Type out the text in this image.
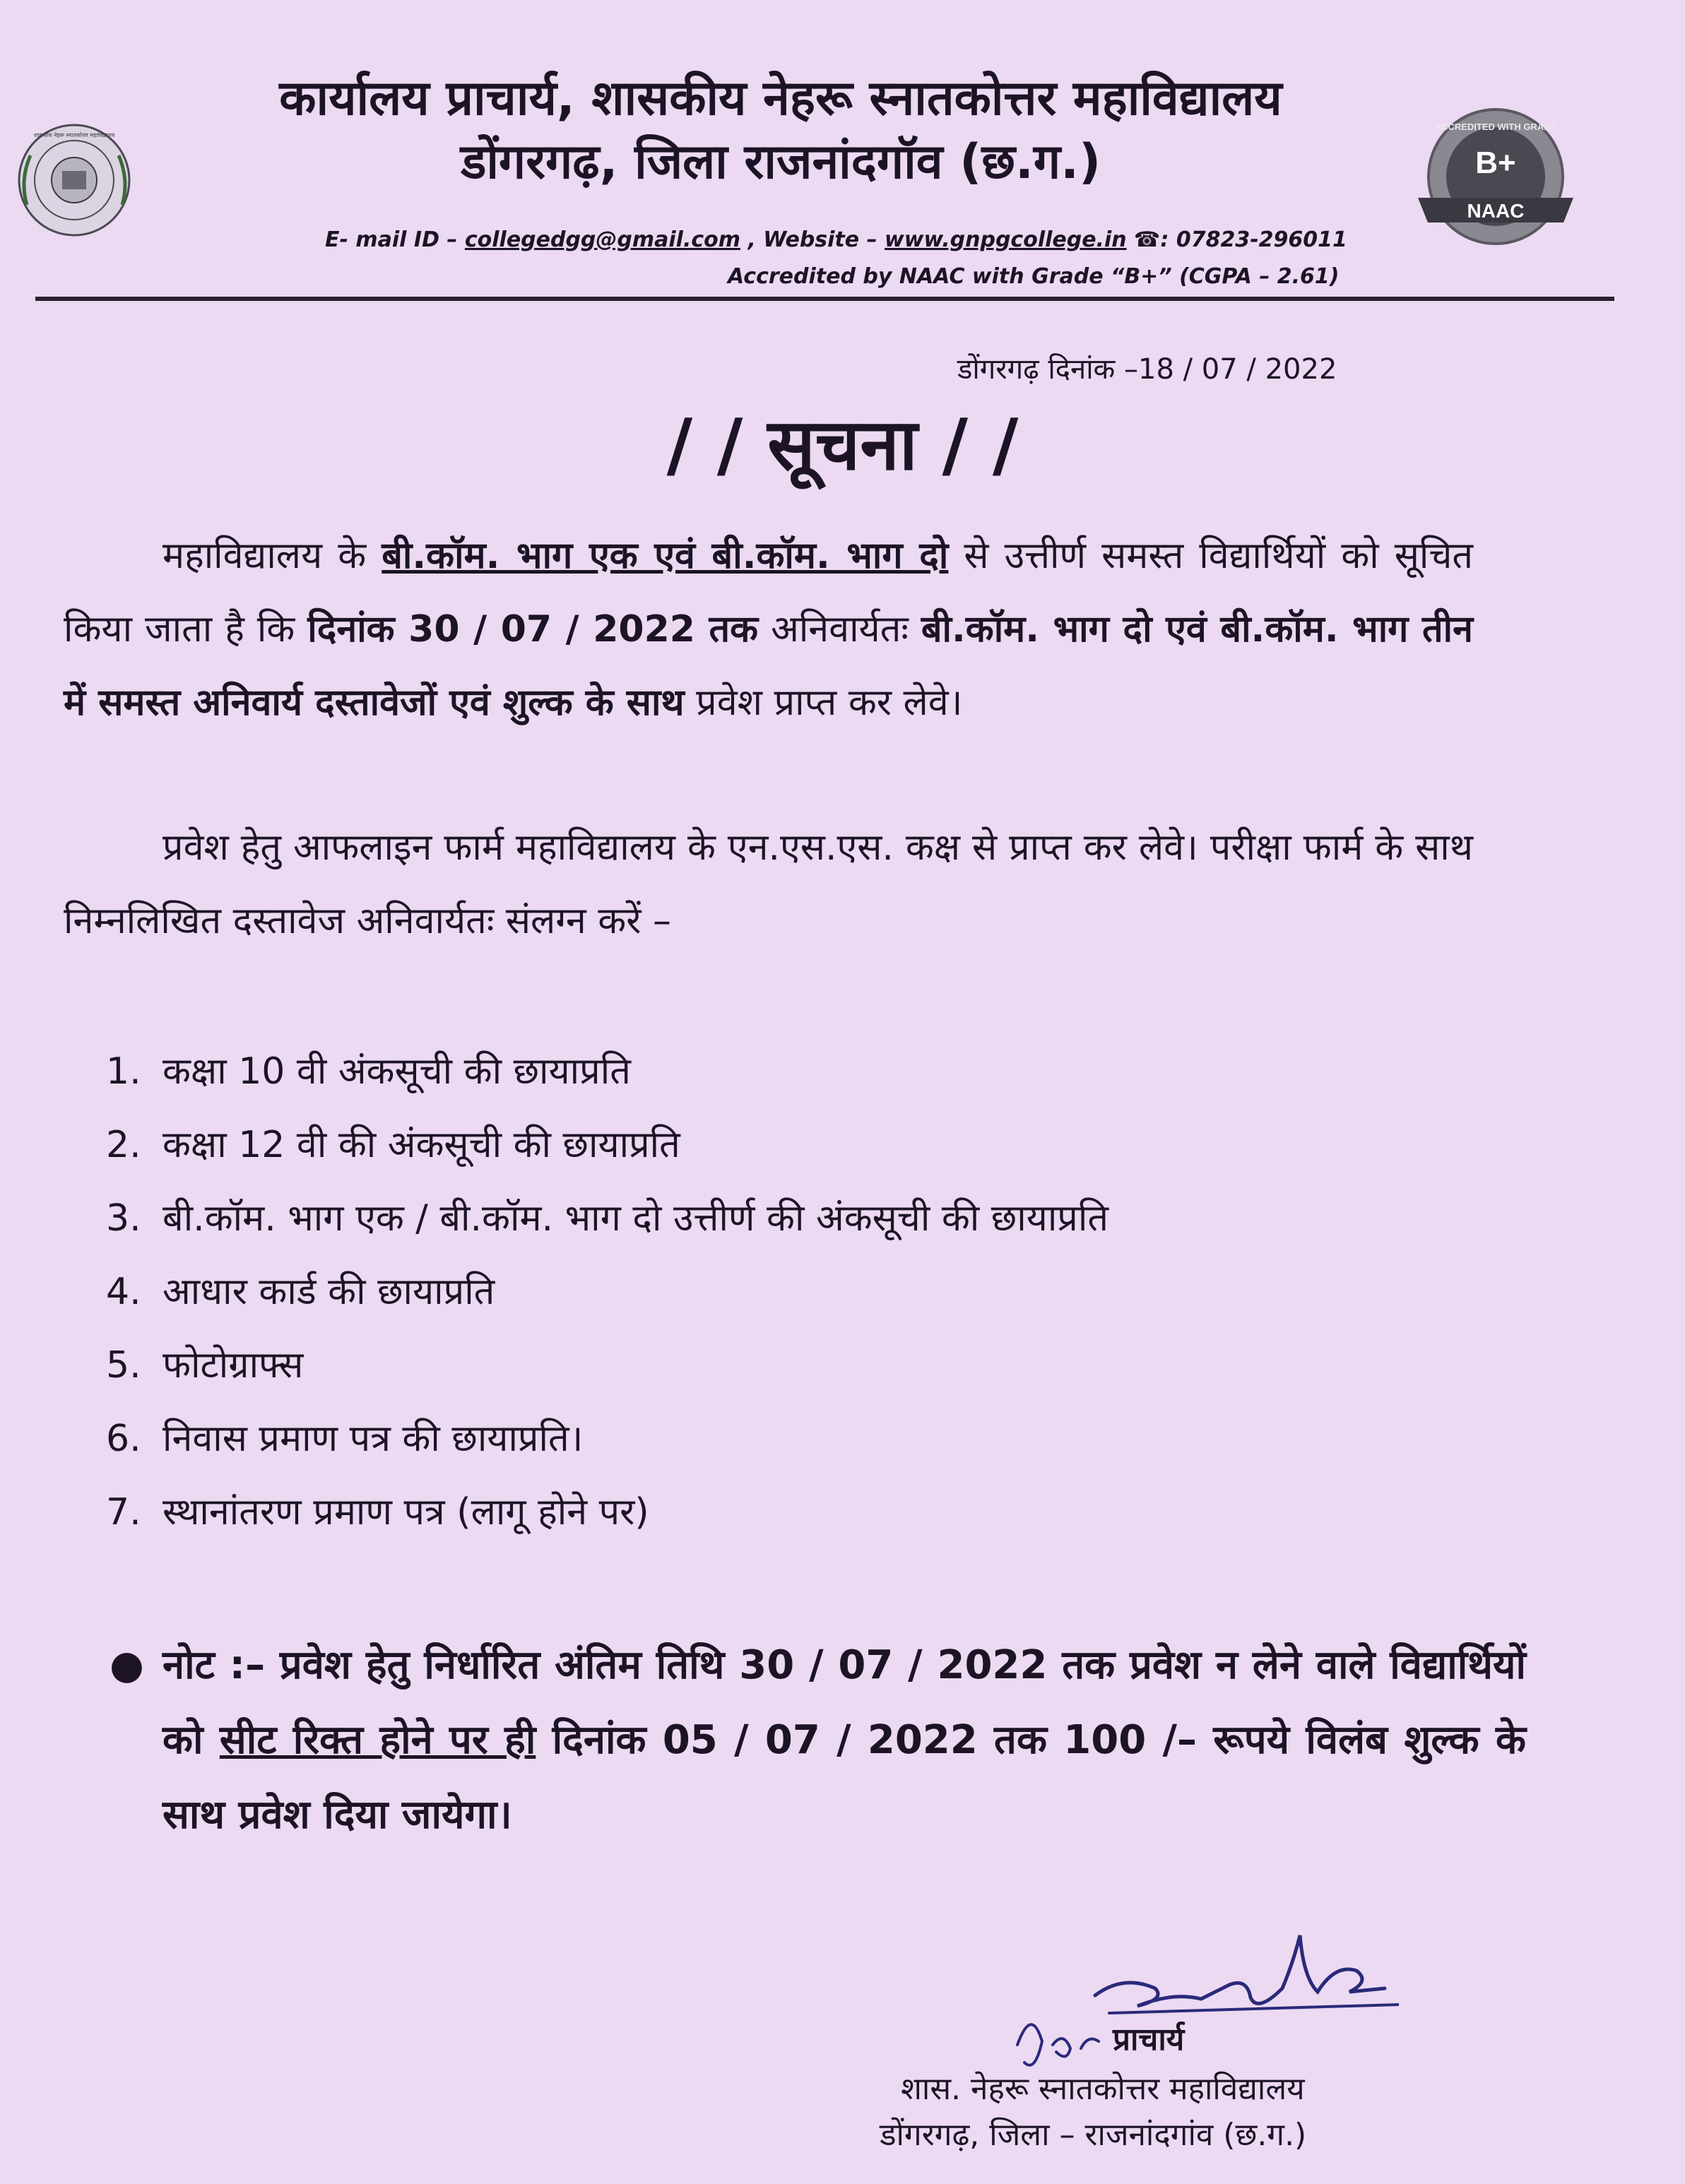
शासकीय नेहरू स्नातकोत्तर महाविद्यालय
कार्यालय प्राचार्य, शासकीय नेहरू स्नातकोत्तर महाविद्यालय
डोंगरगढ़, जिला राजनांदगॉव (छ.ग.)
ACCREDITED WITH GRADE
B+
NAAC
E- mail ID – collegedgg@gmail.com , Website – www.gnpgcollege.in ☎: 07823-296011
Accredited by NAAC with Grade “B+” (CGPA – 2.61)
डोंगरगढ़ दिनांक –18 / 07 / 2022
/ / सूचना / /

महाविद्यालय के बी.कॉम. भाग एक एवं बी.कॉम. भाग दो से उत्तीर्ण समस्त विद्यार्थियों को सूचित किया जाता है कि दिनांक 30 / 07 / 2022 तक अनिवार्यतः बी.कॉम. भाग दो एवं बी.कॉम. भाग तीन में समस्त अनिवार्य दस्तावेजों एवं शुल्क के साथ प्रवेश प्राप्त कर लेवे।

प्रवेश हेतु आफलाइन फार्म महाविद्यालय के एन.एस.एस. कक्ष से प्राप्त कर लेवे। परीक्षा फार्म के साथ निम्नलिखित दस्तावेज अनिवार्यतः संलग्न करें –

1. कक्षा 10 वी अंकसूची की छायाप्रति
2. कक्षा 12 वी की अंकसूची की छायाप्रति
3. बी.कॉम. भाग एक / बी.कॉम. भाग दो उत्तीर्ण की अंकसूची की छायाप्रति
4. आधार कार्ड की छायाप्रति
5. फोटोग्राफ्स
6. निवास प्रमाण पत्र की छायाप्रति।
7. स्थानांतरण प्रमाण पत्र (लागू होने पर)

● नोट :– प्रवेश हेतु निर्धारित अंतिम तिथि 30 / 07 / 2022 तक प्रवेश न लेने वाले विद्यार्थियों को सीट रिक्त होने पर ही दिनांक 05 / 07 / 2022 तक 100 /– रूपये विलंब शुल्क के साथ प्रवेश दिया जायेगा।

प्राचार्य
शास. नेहरू स्नातकोत्तर महाविद्यालय
डोंगरगढ़, जिला – राजनांदगांव (छ.ग.)
